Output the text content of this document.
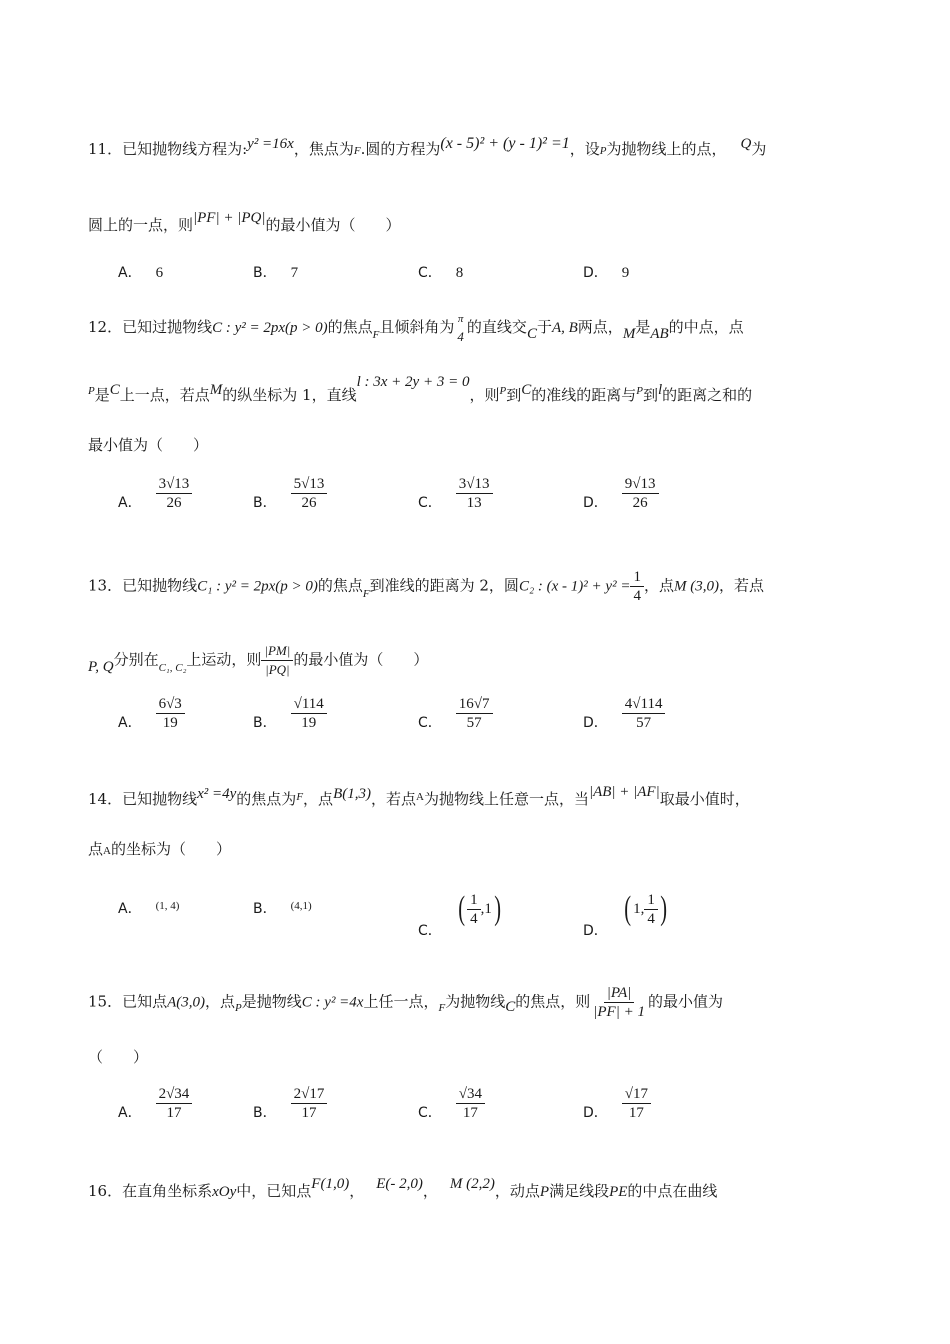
11．已知抛物线方程为:y² =16x，焦点为F.圆的方程为(x - 5)² + (y - 1)² =1，设P为抛物线上的点， Q为
圆上的一点，则|PF| + |PQ|的最小值为（　　）
A． 6	B． 7	C． 8	D． 9
12．已知过抛物线C : y² = 2px(p > 0)的焦点$_F$且倾斜角为 π
4
的直线交C于A, B两点，M是AB的中点，点
$^P$是C上一点，若点M的纵坐标为 1，直线l : 3x + 2y + 3 = 0，则$^P$到C的准线的距离与$^P$到l的距离之和的
最小值为（　　）
A． $\frac{3√13}{26}$	B． $\frac{5√13}{26}$	C． $\frac{3√13}{13}$	D． $\frac{9√13}{26}$
13．已知抛物线C₁ : y² = 2px(p > 0)的焦点$_F$到准线的距离为 2，圆C₂ : $(x - 1)^2 + y^2 = \frac{1}{4}$ ，点M (3,0)，若点
P, Q分别在$_{C_1, C_2}$上运动，则 $\frac{|PM|}{|PQ|}$ 的最小值为（　　）
A． $\frac{6√3}{19}$	B． $\frac{√114}{19}$	C． $\frac{16√7}{57}$	D． $\frac{4√114}{57}$
14．已知抛物线x² =4y的焦点为$^F$，点B(1,3)，若点$^A$为抛物线上任意一点，当|AB| + |AF|取最小值时，
点A的坐标为（　　）
A． (1, 4)	B． (4,1)
C．
( $\frac{1}{4} ,1$ )
D．
( 1, $\frac{1}{4}$ )
15．已知点A(3,0)，点$_P$是抛物线C : y² =4x上任一点，$_F$为抛物线C的焦点，则 $\frac{|PA|}{|PF| + 1}$ 的最小值为
（　　）
A． $\frac{2√34}{17}$	B． $\frac{2√17}{17}$	C． $\frac{√34}{17}$	D． $\frac{√17}{17}$
16．在直角坐标系xOy中，已知点F(1,0)， E(- 2,0)， M (2,2)，动点P满足线段PE的中点在曲线
